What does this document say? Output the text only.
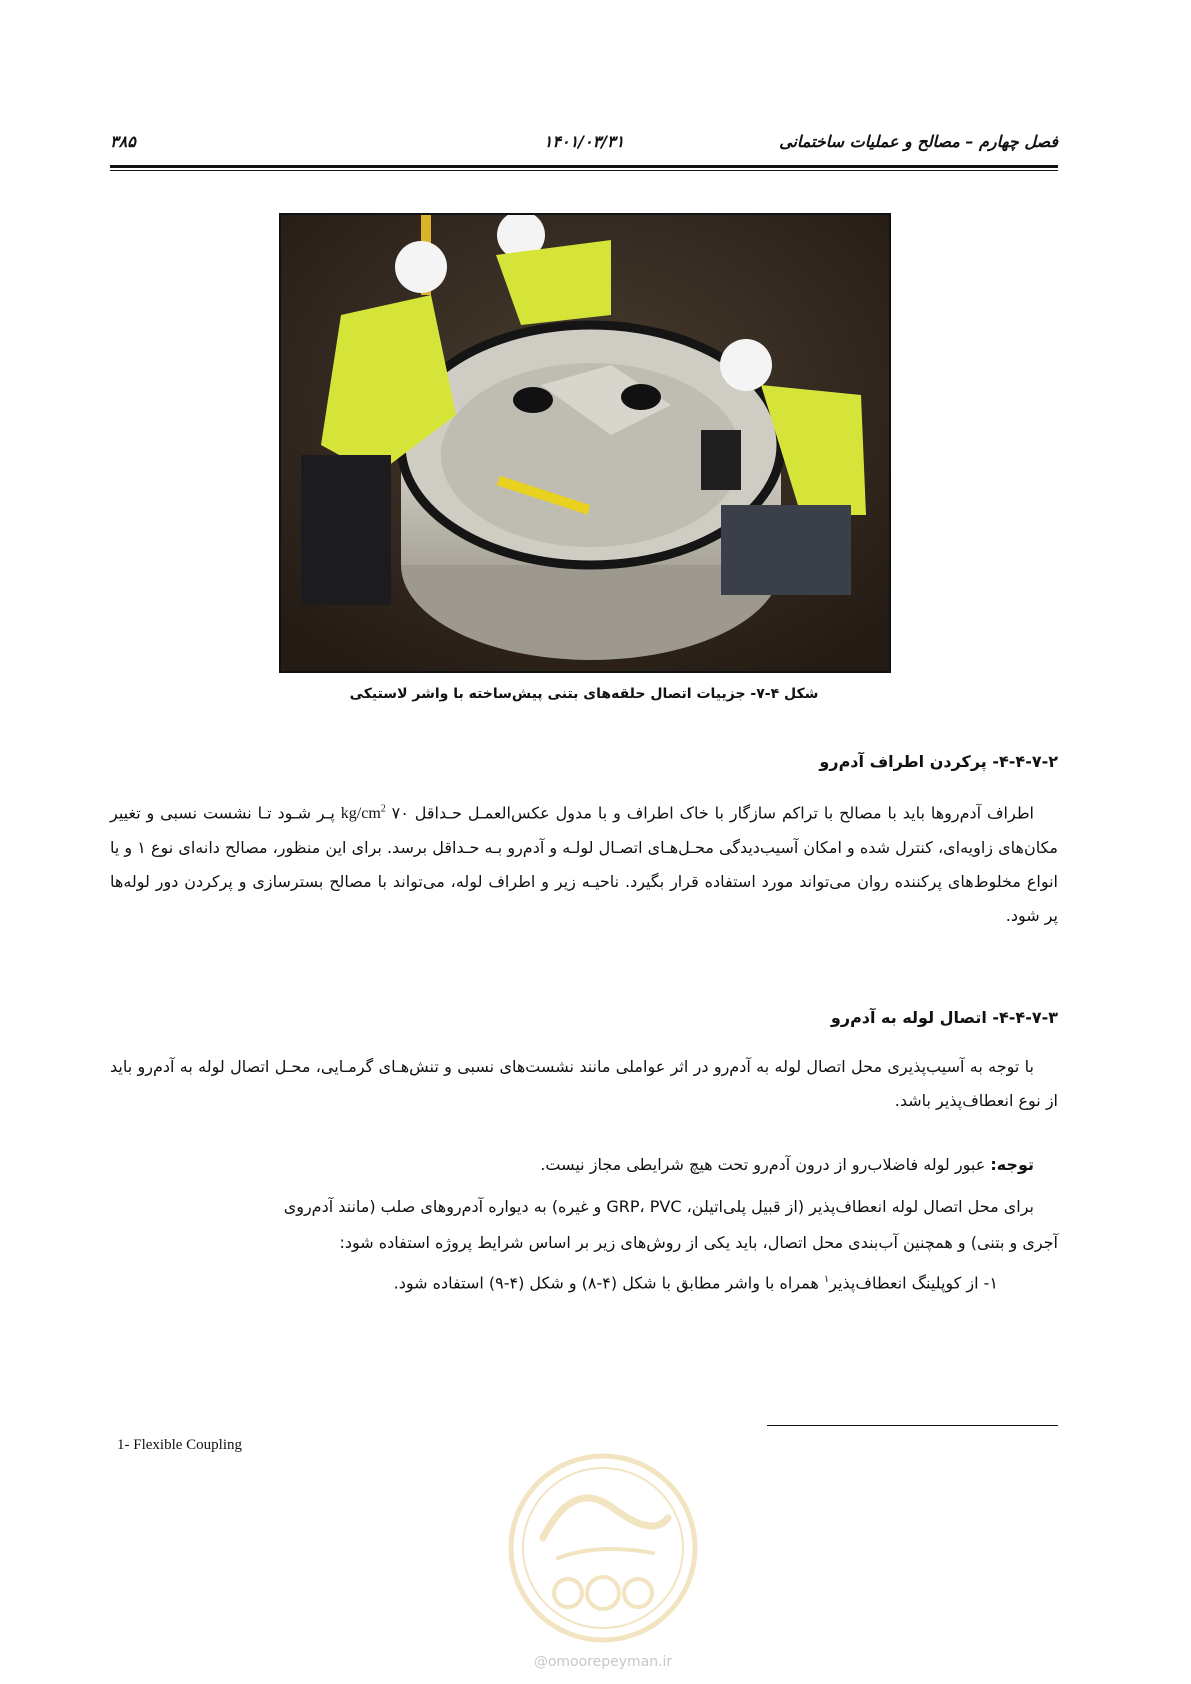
فصل چهارم – مصالح و عملیات ساختمانی
۱۴۰۱/۰۳/۳۱
۳۸۵
شکل ۴-۷- جزییات اتصال حلقه‌های بتنی پیش‌ساخته با واشر لاستیکی
۴-۴-۷-۲- پرکردن اطراف آدم‌رو
اطراف آدم‌روها باید با مصالح با تراکم سازگار با خاک اطراف و با مدول عکس‌العمـل حـداقل $kg/cm^2$ ۷۰ پـر شـود تـا نشست نسبی و تغییر مکان‌های زاویه‌ای، کنترل شده و امکان آسیب‌دیدگی محـل‌هـای اتصـال لولـه و آدم‌رو بـه حـداقل برسد. برای این منظور، مصالح دانه‌ای نوع ۱ و یا انواع مخلوط‌های پرکننده روان می‌تواند مورد استفاده قرار بگیرد. ناحیـه زیر و اطراف لوله، می‌تواند با مصالح بسترسازی و پرکردن دور لوله‌ها پر شود.
۴-۴-۷-۳- اتصال لوله به آدم‌رو
با توجه به آسیب‌پذیری محل اتصال لوله به آدم‌رو در اثر عواملی مانند نشست‌های نسبی و تنش‌هـای گرمـایی، محـل اتصال لوله به آدم‌رو باید از نوع انعطاف‌پذیر باشد.
توجه: عبور لوله فاضلاب‌رو از درون آدم‌رو تحت هیچ شرایطی مجاز نیست.
برای محل اتصال لوله انعطاف‌پذیر (از قبیل پلی‌اتیلن، GRP، PVC و غیره) به دیواره آدم‌روهای صلب (مانند آدم‌روی
آجری و بتنی) و همچنین آب‌بندی محل اتصال، باید یکی از روش‌های زیر بر اساس شرایط پروژه استفاده شود:
۱- از کوپلینگ انعطاف‌پذیر$^۱$ همراه با واشر مطابق با شکل (۴-۸) و شکل (۴-۹) استفاده شود.
1- Flexible Coupling
@omoorepeyman.ir
